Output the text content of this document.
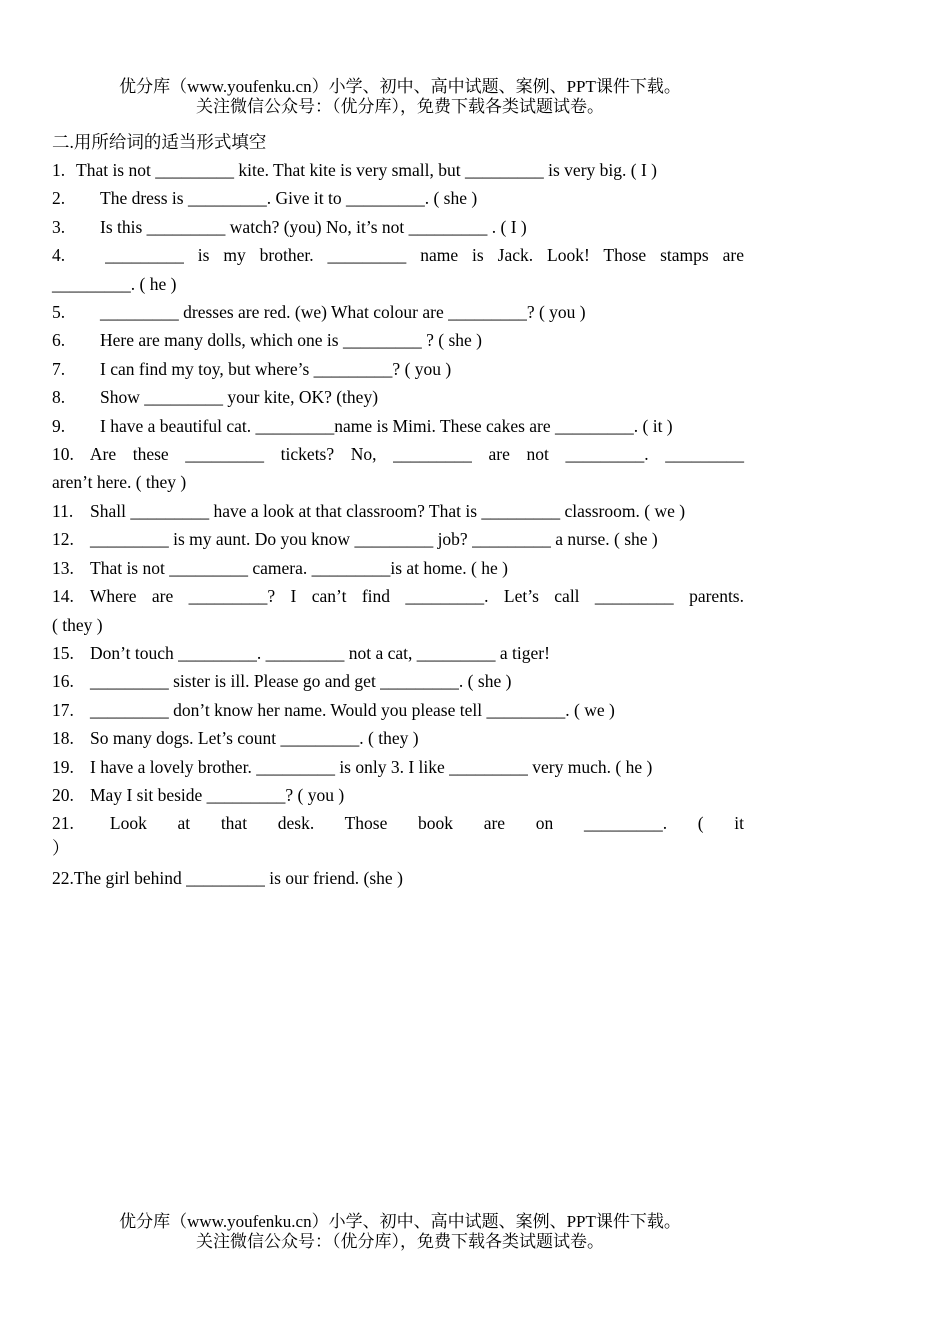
优分库（www.youfenku.cn）小学、初中、高中试题、案例、PPT课件下载。
关注微信公众号：（优分库），免费下载各类试题试卷。
二.用所给词的适当形式填空
1. That is not _________ kite. That kite is very small, but _________ is very big. ( I )
2. The dress is _________. Give it to _________. ( she )
3. Is this _________ watch? (you) No, it’s not _________ . ( I )
4. _________ is my brother. _________ name is Jack. Look! Those stamps are
_________. ( he )
5. _________ dresses are red. (we) What colour are _________? ( you )
6. Here are many dolls, which one is _________ ? ( she )
7. I can find my toy, but where’s _________? ( you )
8. Show _________ your kite, OK? (they)
9. I have a beautiful cat. _________name is Mimi. These cakes are _________. ( it )
10. Are these _________ tickets? No, _________ are not _________. _________
aren’t here. ( they )
11. Shall _________ have a look at that classroom? That is _________ classroom. ( we )
12. _________ is my aunt. Do you know _________ job? _________ a nurse. ( she )
13. That is not _________ camera. _________is at home. ( he )
14. Where are _________? I can’t find _________. Let’s call _________ parents.
( they )
15. Don’t touch _________. _________ not a cat, _________ a tiger!
16. _________ sister is ill. Please go and get _________. ( she )
17. _________ don’t know her name. Would you please tell _________. ( we )
18. So many dogs. Let’s count _________. ( they )
19. I have a lovely brother. _________ is only 3. I like _________ very much. ( he )
20. May I sit beside _________? ( you )
21. Look at that desk. Those book are on _________. ( it
）
22.The girl behind _________ is our friend. (she )
优分库（www.youfenku.cn）小学、初中、高中试题、案例、PPT课件下载。
关注微信公众号：（优分库），免费下载各类试题试卷。
